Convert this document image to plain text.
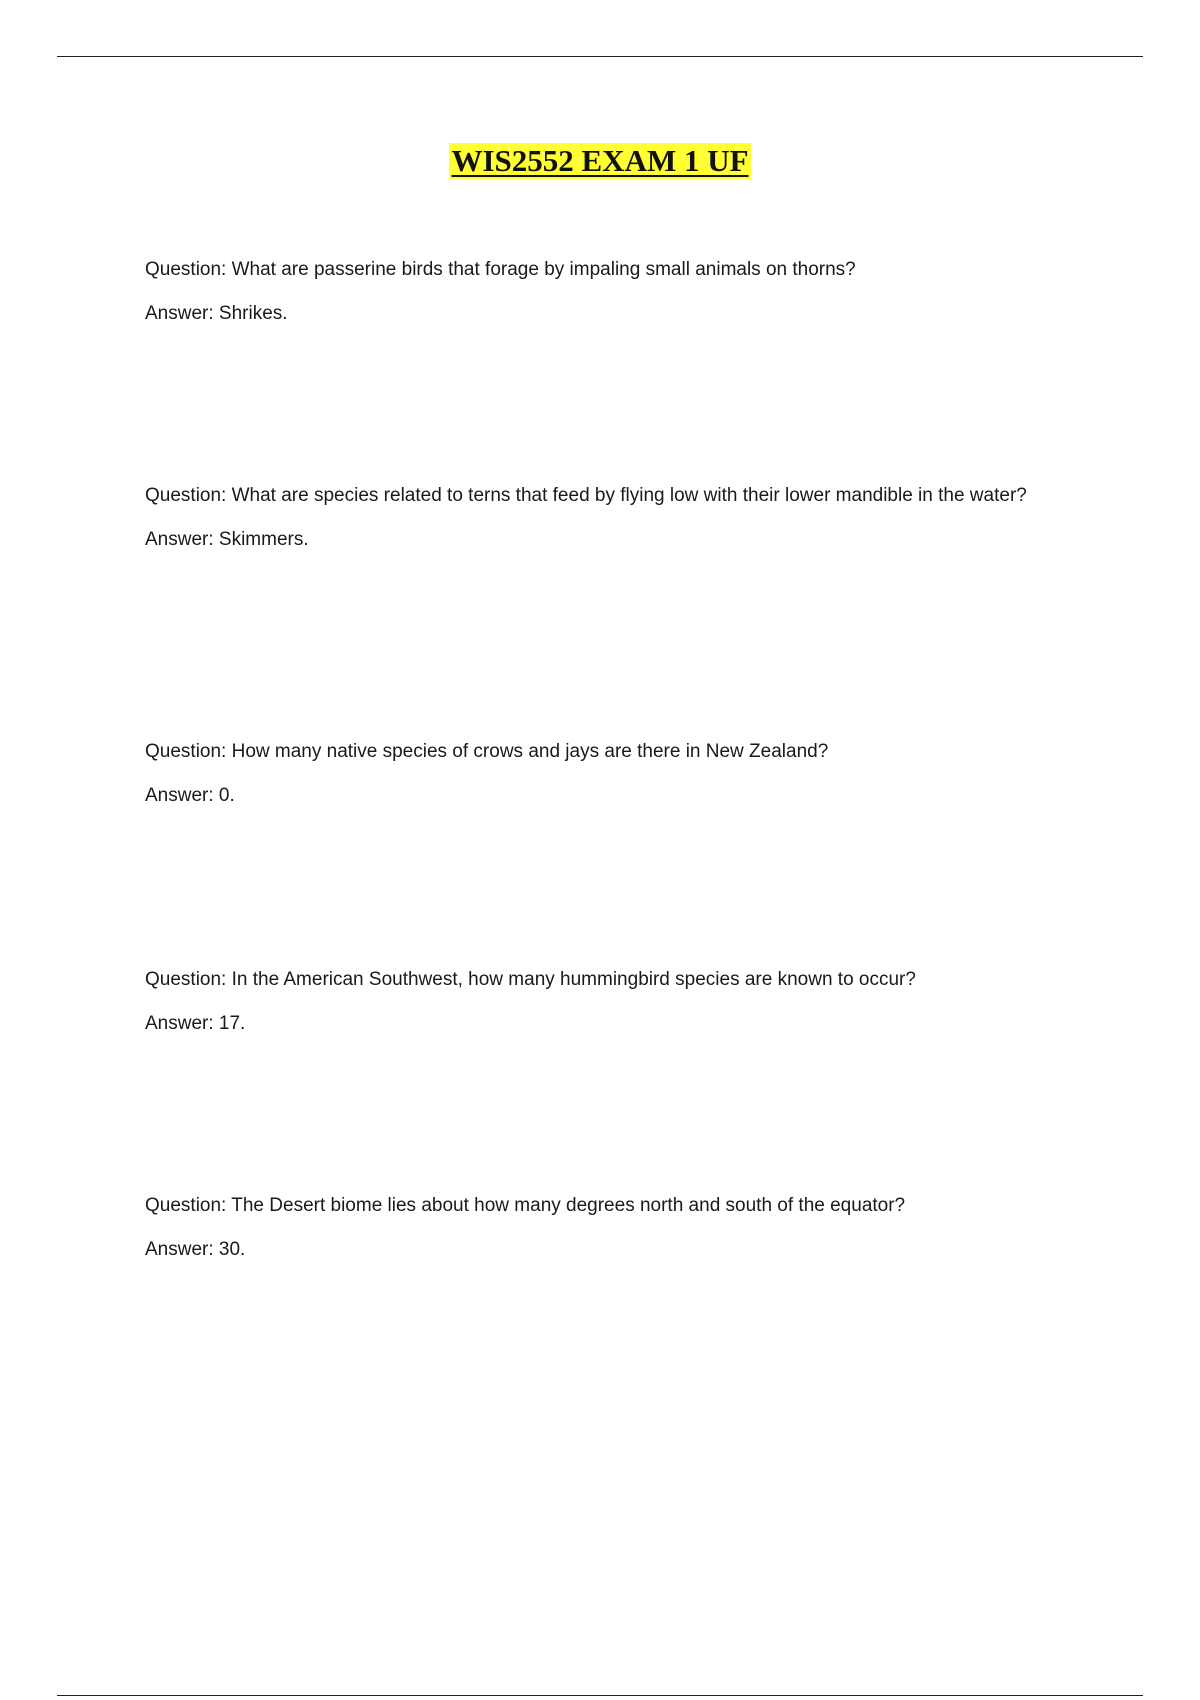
WIS2552 EXAM 1 UF

Question: What are passerine birds that forage by impaling small animals on thorns?

Answer: Shrikes.

Question: What are species related to terns that feed by flying low with their lower mandible in the water?

Answer: Skimmers.

Question: How many native species of crows and jays are there in New Zealand?

Answer: 0.

Question: In the American Southwest, how many hummingbird species are known to occur?

Answer: 17.

Question: The Desert biome lies about how many degrees north and south of the equator?

Answer: 30.
